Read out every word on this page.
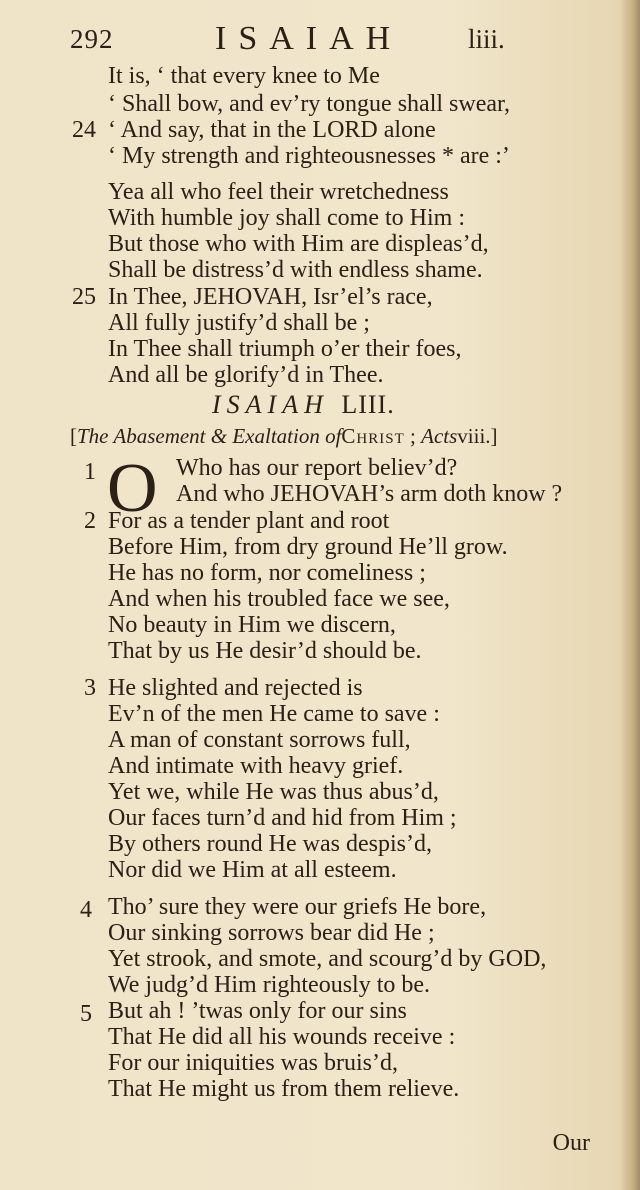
292	ISAIAH liii.
It is, ‘ that every knee to Me
‘ Shall bow, and ev’ry tongue shall swear,
24 ‘ And say, that in the LORD alone
‘ My strength and righteousnesses * are :’
Yea all who feel their wretchedness
With humble joy shall come to Him :
But those who with Him are displeas’d,
Shall be distress’d with endless shame.
25 In Thee, JEHOVAH, Isr’el’s race,
All fully justify’d shall be ;
In Thee shall triumph o’er their foes,
And all be glorify’d in Thee.
ISAIAH LIII.
[The Abasement & Exaltation ofChrist ; Actsviii.]
1 O Who has our report believ’d?
And who JEHOVAH’s arm doth know ?
2 For as a tender plant and root
Before Him, from dry ground He’ll grow.
He has no form, nor comeliness ;
And when his troubled face we see,
No beauty in Him we discern,
That by us He desir’d should be.
3 He slighted and rejected is
Ev’n of the men He came to save :
A man of constant sorrows full,
And intimate with heavy grief.
Yet we, while He was thus abus’d,
Our faces turn’d and hid from Him ;
By others round He was despis’d,
Nor did we Him at all esteem.
4 Tho’ sure they were our griefs He bore,
Our sinking sorrows bear did He ;
Yet strook, and smote, and scourg’d by GOD,
We judg’d Him righteously to be.
5 But ah ! ’twas only for our sins
That He did all his wounds receive :
For our iniquities was bruis’d,
That He might us from them relieve.
Our
